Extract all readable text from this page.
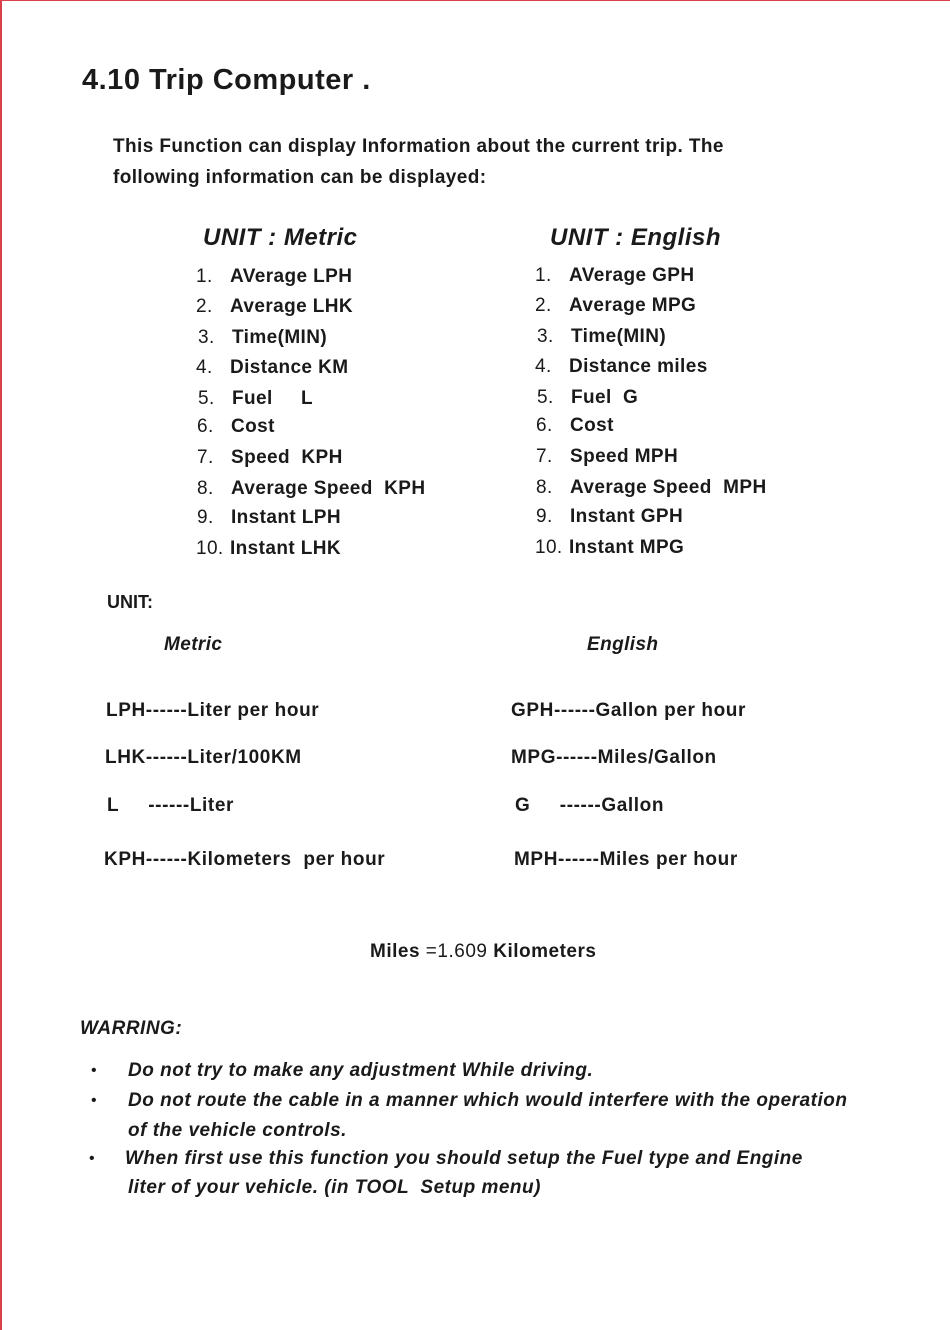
4.10 Trip Computer .
This Function can display Information about the current trip. The
following information can be displayed:
UNIT : Metric
1. AVerage LPH
2. Average LHK
3. Time(MIN)
4. Distance KM
5. Fuel     L
6. Cost
7. Speed  KPH
8. Average Speed  KPH
9. Instant LPH
10. Instant LHK
UNIT : English
1. AVerage GPH
2. Average MPG
3. Time(MIN)
4. Distance miles
5. Fuel  G
6. Cost
7. Speed MPH
8. Average Speed  MPH
9. Instant GPH
10. Instant MPG
UNIT:
Metric	English
LPH------Liter per hour
LHK------Liter/100KM
L     ------Liter
KPH------Kilometers  per hour
GPH------Gallon per hour
MPG------Miles/Gallon
G     ------Gallon
MPH------Miles per hour
Miles =1.609 Kilometers
WARRING:
• Do not try to make any adjustment While driving.
• Do not route the cable in a manner which would interfere with the operation
of the vehicle controls.
• When first use this function you should setup the Fuel type and Engine
liter of your vehicle. (in TOOL  Setup menu)
